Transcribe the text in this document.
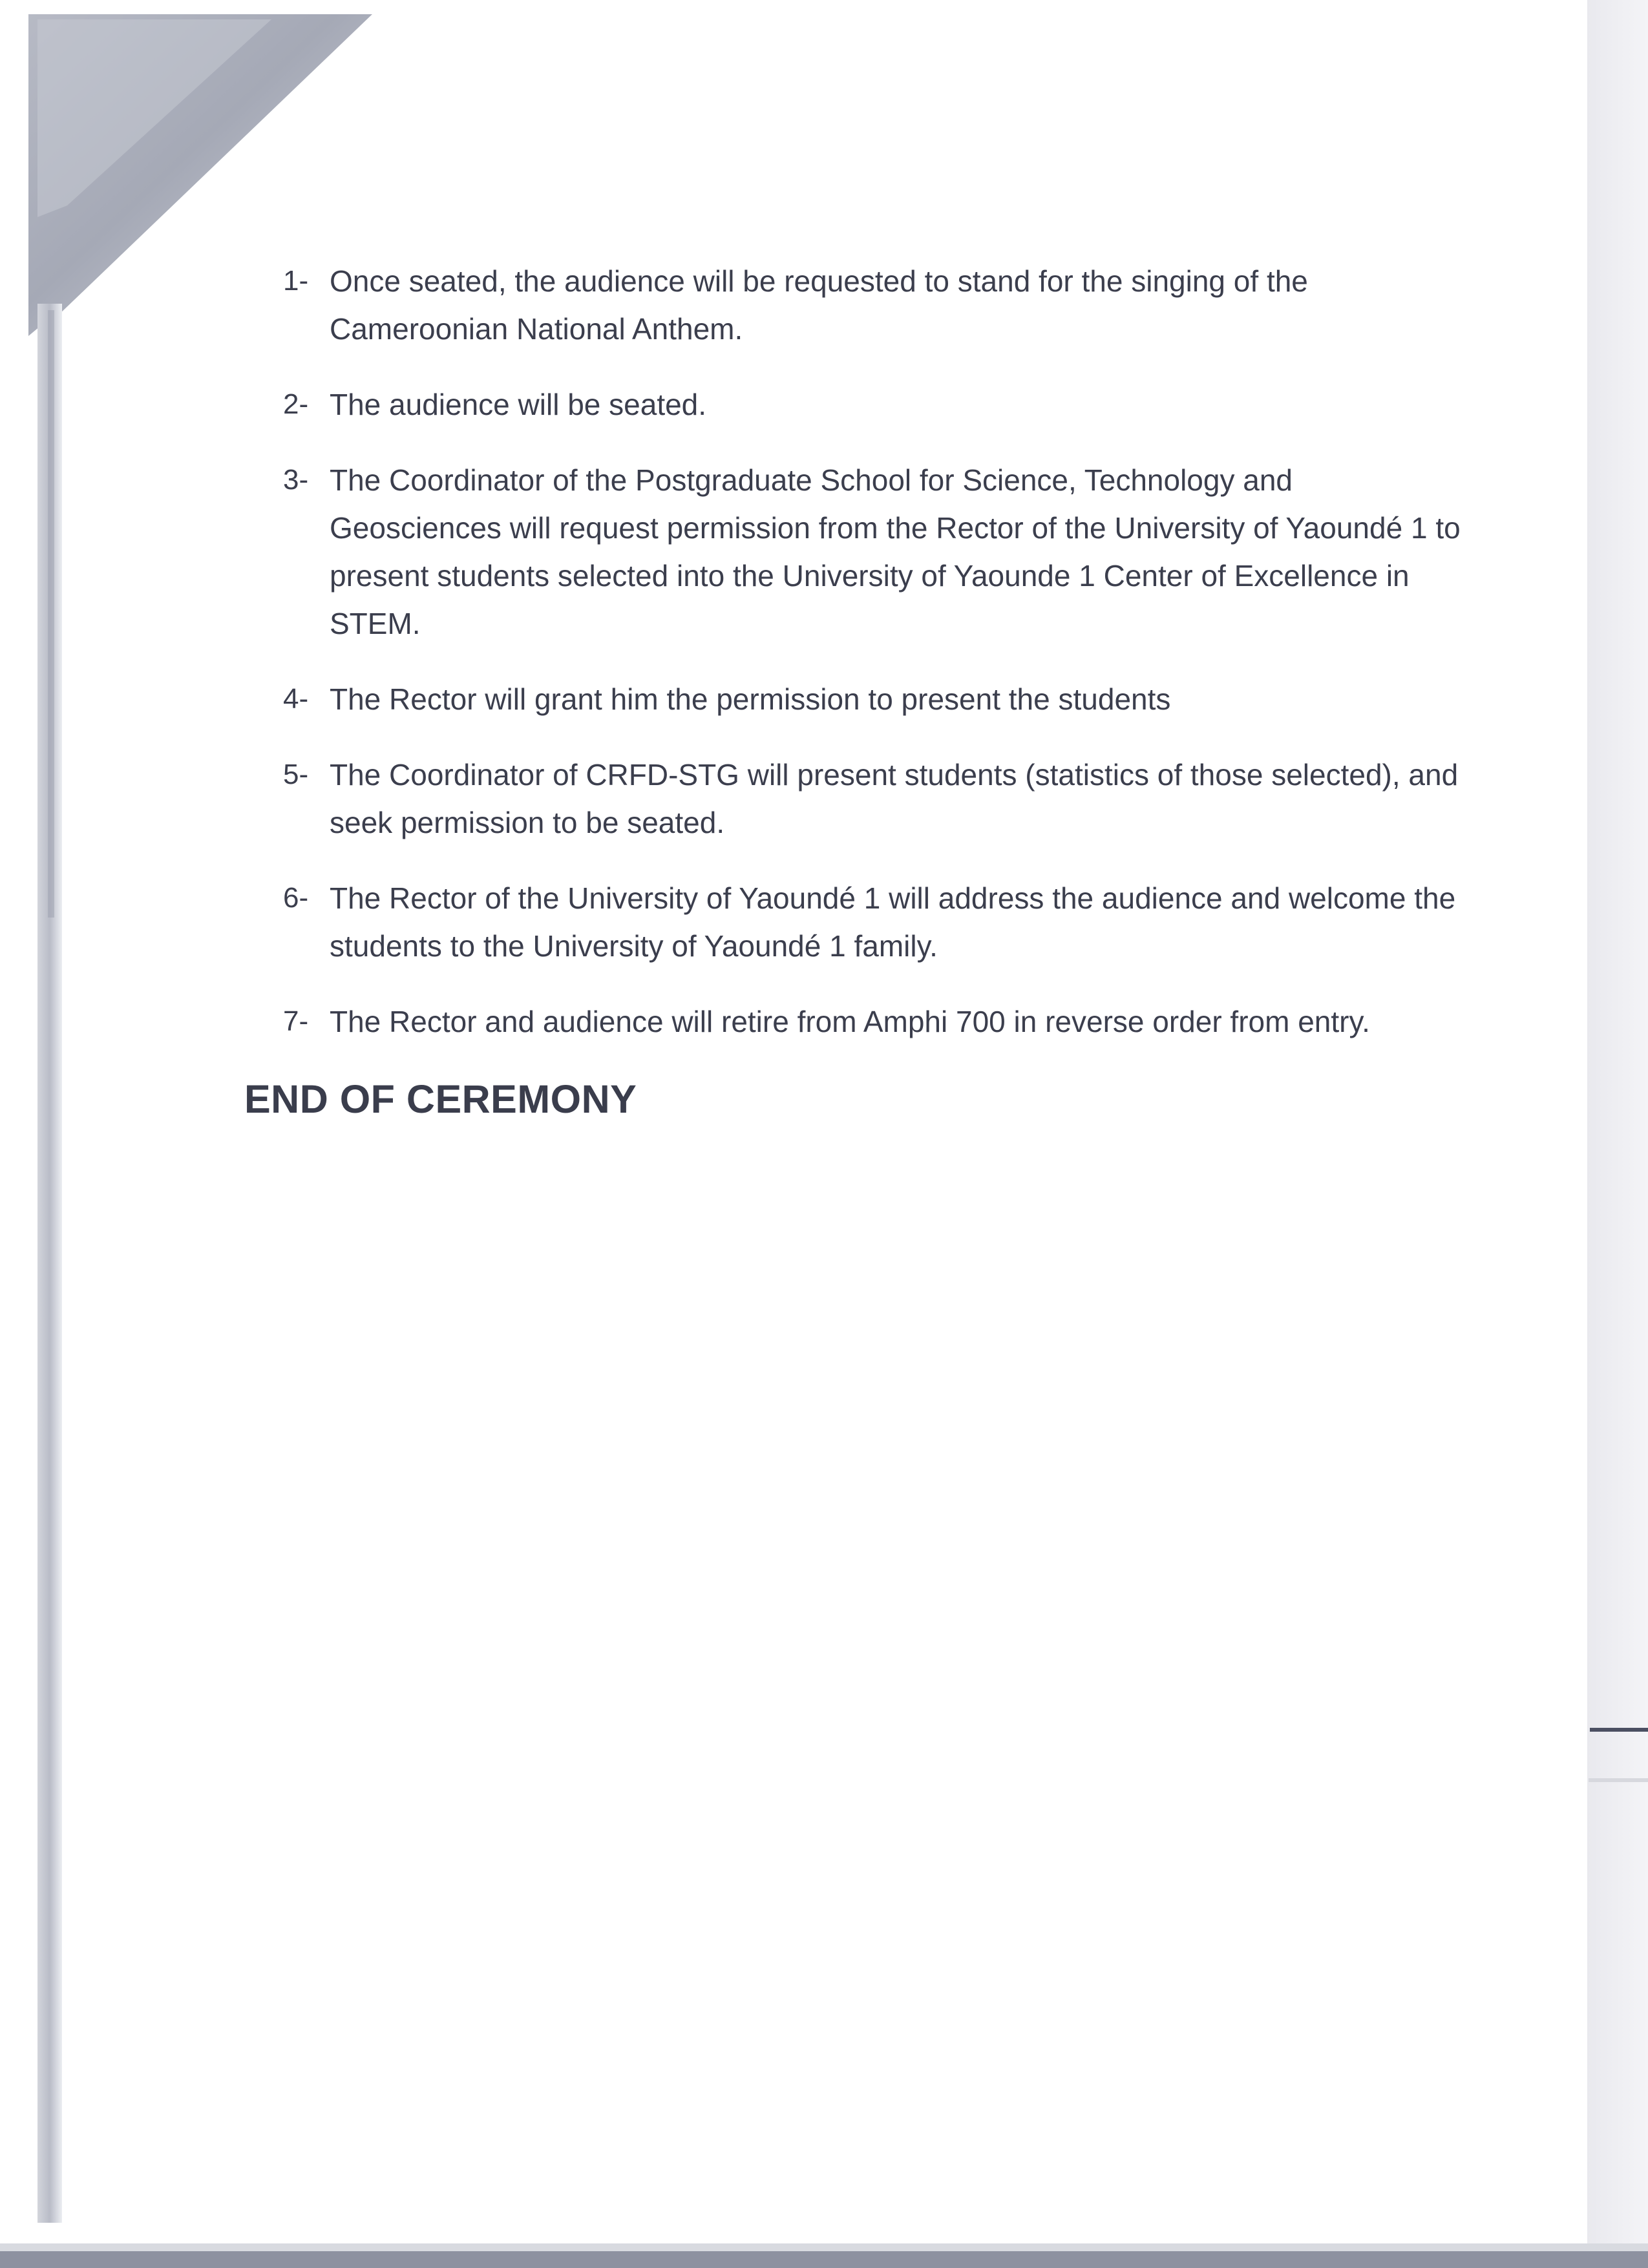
1- Once seated, the audience will be requested to stand for the singing of the Cameroonian National Anthem.
2- The audience will be seated.
3- The Coordinator of the Postgraduate School for Science, Technology and Geosciences will request permission from the Rector of the University of Yaoundé 1 to present students selected into the University of Yaounde 1 Center of Excellence in STEM.
4- The Rector will grant him the permission to present the students
5- The Coordinator of CRFD-STG will present students (statistics of those selected), and seek permission to be seated.
6- The Rector of the University of Yaoundé 1 will address the audience and welcome the students to the University of Yaoundé 1 family.
7- The Rector and audience will retire from Amphi 700 in reverse order from entry.
END OF CEREMONY
